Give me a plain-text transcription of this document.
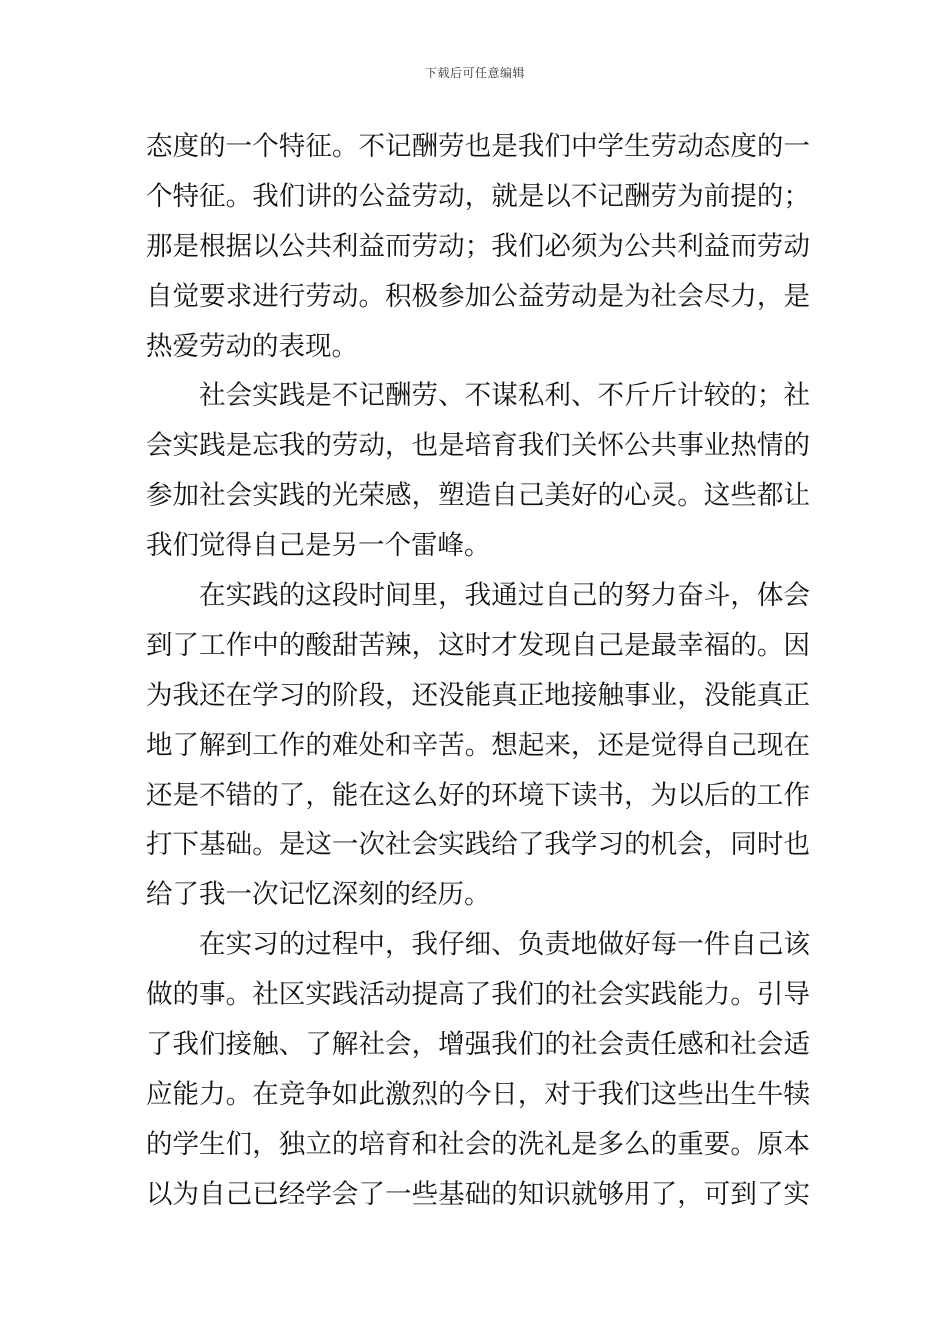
下载后可任意编辑
态度的一个特征。不记酬劳也是我们中学生劳动态度的一
个特征。我们讲的公益劳动，就是以不记酬劳为前提的；
那是根据以公共利益而劳动；我们必须为公共利益而劳动
自觉要求进行劳动。积极参加公益劳动是为社会尽力，是
热爱劳动的表现。
社会实践是不记酬劳、不谋私利、不斤斤计较的；社
会实践是忘我的劳动，也是培育我们关怀公共事业热情的
参加社会实践的光荣感，塑造自己美好的心灵。这些都让
我们觉得自己是另一个雷峰。
在实践的这段时间里，我通过自己的努力奋斗，体会
到了工作中的酸甜苦辣，这时才发现自己是最幸福的。因
为我还在学习的阶段，还没能真正地接触事业，没能真正
地了解到工作的难处和辛苦。想起来，还是觉得自己现在
还是不错的了，能在这么好的环境下读书，为以后的工作
打下基础。是这一次社会实践给了我学习的机会，同时也
给了我一次记忆深刻的经历。
在实习的过程中，我仔细、负责地做好每一件自己该
做的事。社区实践活动提高了我们的社会实践能力。引导
了我们接触、了解社会，增强我们的社会责任感和社会适
应能力。在竞争如此激烈的今日，对于我们这些出生牛犊
的学生们，独立的培育和社会的洗礼是多么的重要。原本
以为自己已经学会了一些基础的知识就够用了，可到了实
